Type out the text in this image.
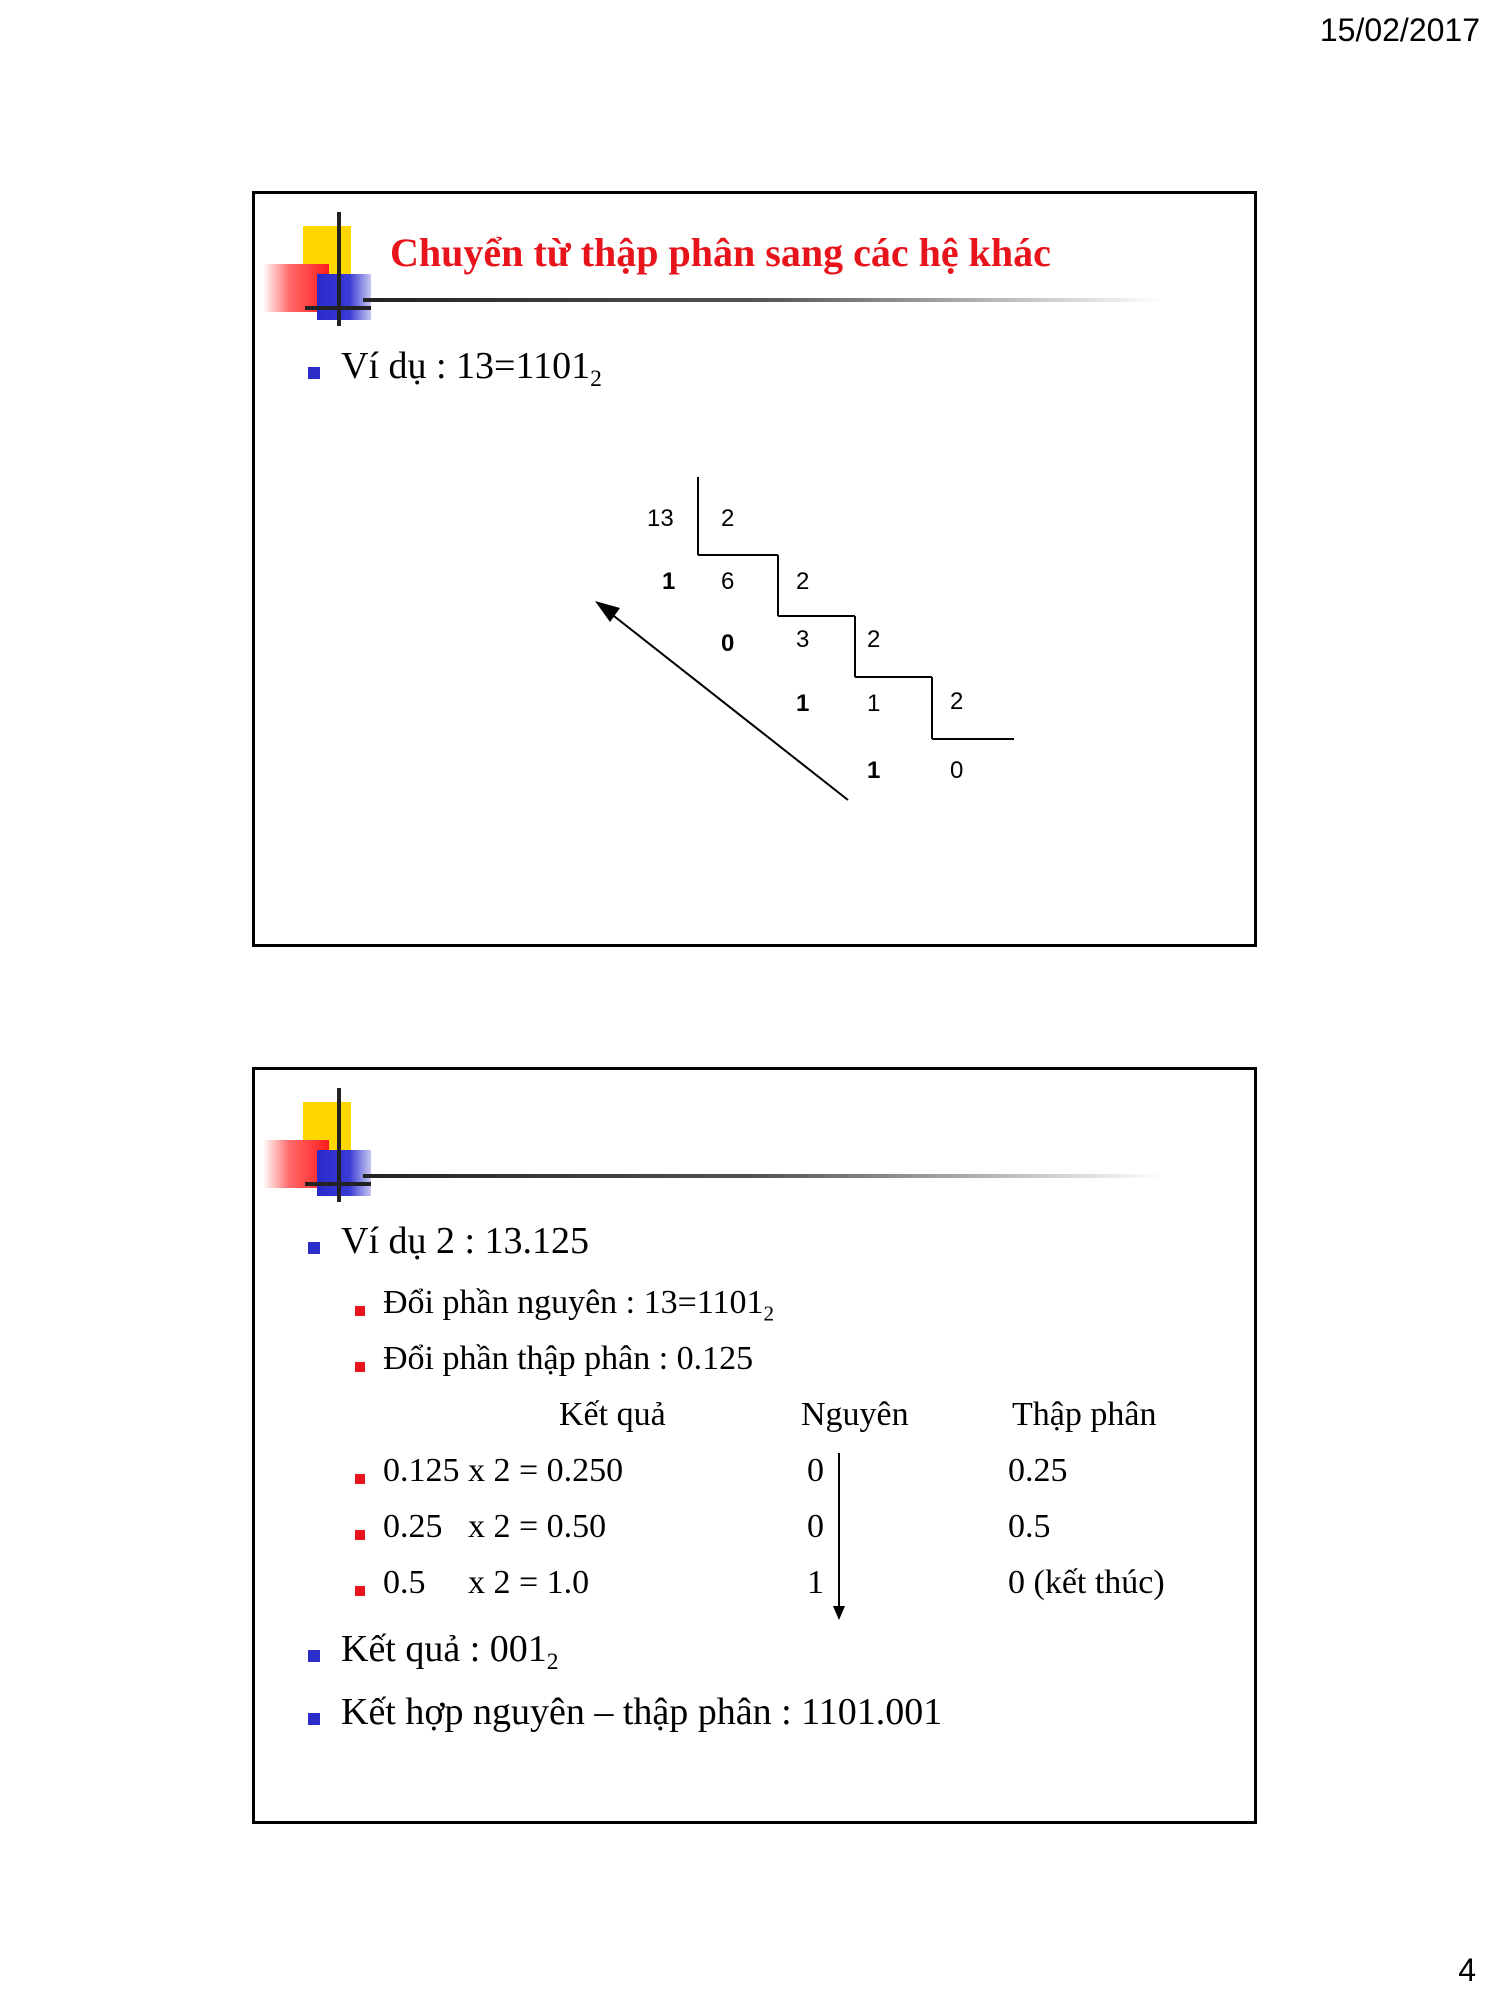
15/02/2017
Chuyển từ thập phân sang các hệ khác
Ví dụ : $13=1101_2$
13 2
1 6	2
0	3 2
1 1	2
1	0
Ví dụ 2 : 13.125
Đổi phần nguyên : $13=1101_2$
Đổi phần thập phân : 0.125
Kết quả	Nguyên	Thập phân
0.125 x 2 = 0.250	0	0.25
0.25   x 2 = 0.50	0	0.5
0.5     x 2 = 1.0	1	0 (kết thúc)
Kết quả : $001_2$
Kết hợp nguyên – thập phân : 1101.001
4
